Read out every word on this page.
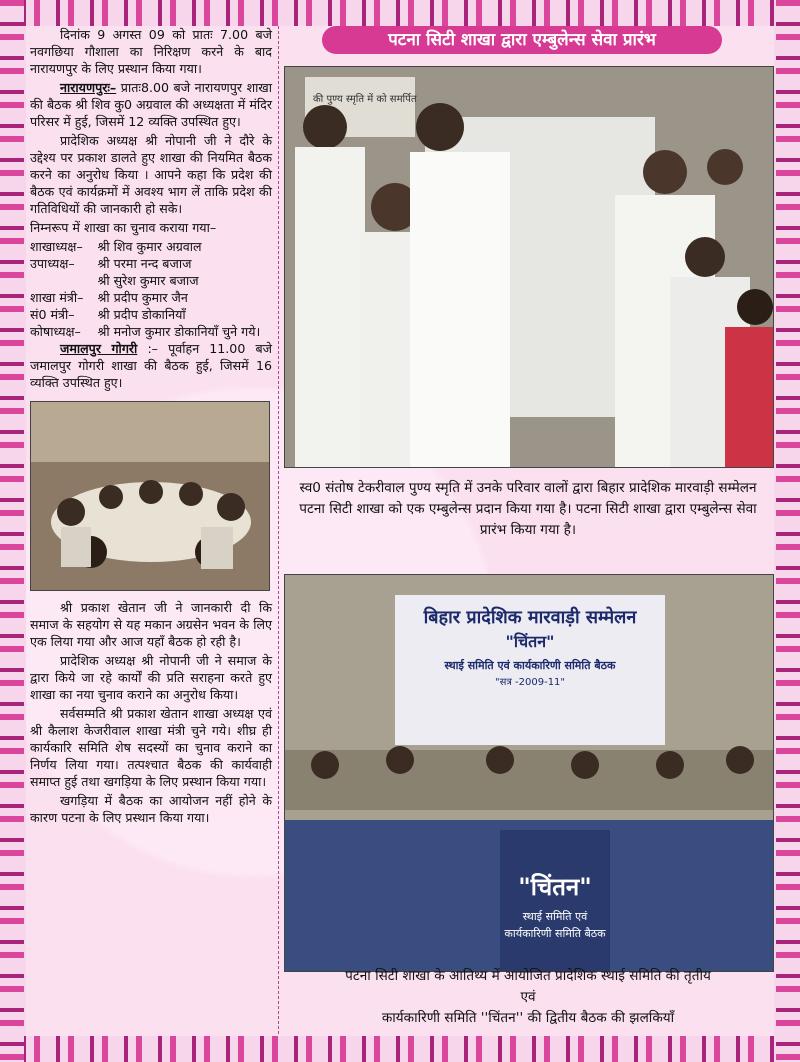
दिनांक 9 अगस्त 09 को प्रातः 7.00 बजे नवगछिया गौशाला का निरिक्षण करने के बाद नारायणपुर के लिए प्रस्थान किया गया।

नारायणपुरः– प्रातः8.00 बजे नारायणपुर शाखा की बैठक श्री शिव कु0 अग्रवाल की अध्यक्षता में मंदिर परिसर में हुई, जिसमें 12 व्यक्ति उपस्थित हुए।

प्रादेशिक अध्यक्ष श्री नोपानी जी ने दौरे के उद्देश्य पर प्रकाश डालते हुए शाखा की नियमित बैठक करने का अनुरोध किया । आपने कहा कि प्रदेश की बैठक एवं कार्यक्रमों में अवश्य भाग लें ताकि प्रदेश की गतिविधियों की जानकारी हो सके।

निम्नरूप में शाखा का चुनाव कराया गया–

शाखाध्यक्ष–	श्री शिव कुमार अग्रवाल
उपाध्यक्ष–	श्री परमा नन्द बजाज
	श्री सुरेश कुमार बजाज
शाखा मंत्री–	श्री प्रदीप कुमार जैन
सं0 मंत्री–	श्री प्रदीप डोकानियाँ
कोषाध्यक्ष–	श्री मनोज कुमार डोकानियाँ चुने गये।

जमालपुर गोगरी :– पूर्वाहन 11.00 बजे जमालपुर गोगरी शाखा की बैठक हुई, जिसमें 16 व्यक्ति उपस्थित हुए।

श्री प्रकाश खेतान जी ने जानकारी दी कि समाज के सहयोग से यह मकान अग्रसेन भवन के लिए एक लिया गया और आज यहाँ बैठक हो रही है।

प्रादेशिक अध्यक्ष श्री नोपानी जी ने समाज के द्वारा किये जा रहे कार्यों की प्रति सराहना करते हुए शाखा का नया चुनाव कराने का अनुरोध किया।

सर्वसम्मति श्री प्रकाश खेतान शाखा अध्यक्ष एवं श्री कैलाश केजरीवाल शाखा मंत्री चुने गये। शीघ्र ही कार्यकारि समिति शेष सदस्यों का चुनाव कराने का निर्णय लिया गया। तत्पश्चात बैठक की कार्यवाही समाप्त हुई तथा खगड़िया के लिए प्रस्थान किया गया।

खगड़िया में बैठक का आयोजन नहीं होने के कारण पटना के लिए प्रस्थान किया गया।

पटना सिटी शाखा द्वारा एम्बुलेन्स सेवा प्रारंभ
की पुण्य स्मृति में को समर्पित
स्व0 संतोष टेकरीवाल पुण्य स्मृति में उनके परिवार वालों द्वारा बिहार प्रादेशिक मारवाड़ी सम्मेलन पटना सिटी शाखा को एक एम्बुलेन्स प्रदान किया गया है। पटना सिटी शाखा द्वारा एम्बुलेन्स सेवा प्रारंभ किया गया है।
बिहार प्रादेशिक मारवाड़ी सम्मेलन
"चिंतन"
स्थाई समिति एवं कार्यकारिणी समिति बैठक
"सत्र -2009-11"
"चिंतन"
स्थाई समिति एवं
कार्यकारिणी समिति बैठक
पटना सिटी शाखा के आतिथ्य में आयोजित प्रादेशिक स्थाई समिति की तृतीय
एवं
कार्यकारिणी समिति ''चिंतन'' की द्वितीय बैठक की झलकियाँ
